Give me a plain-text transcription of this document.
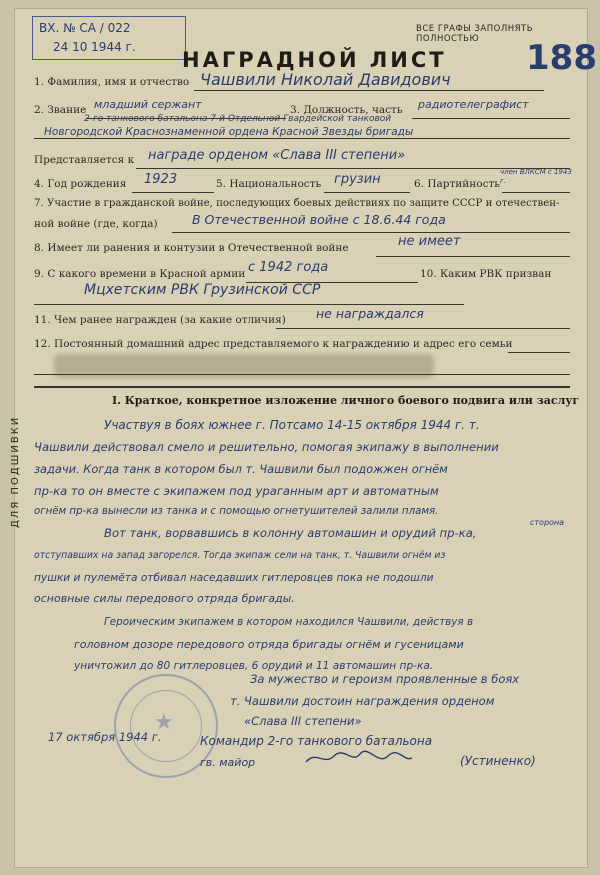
ВХ. № СА / 022
24 10 1944 г.
ВСЕ ГРАФЫ ЗАПОЛНЯТЬ ПОЛНОСТЬЮ	188
НАГРАДНОЙ ЛИСТ
ДЛЯ ПОДШИВКИ
1. Фамилия, имя и отчество Чашвили Николай Давидович
2. Звание младший сержант	3. Должность, часть радиотелеграфист
2-го танкового батальона 7-й Отдельной Гвардейской танковой
Новгородской Краснознаменной ордена Красной Звезды бригады
Представляется к награде орденом «Слава III степени»
4. Год рождения 1923	5. Национальность грузин	6. Партийность
член ВЛКСМ с 1943 г.
7. Участие в гражданской войне, последующих боевых действиях по защите СССР и отечествен-
ной войне (где, когда)	В Отечественной войне с 18.6.44 года
8. Имеет ли ранения и контузии в Отечественной войне	не имеет
9. С какого времени в Красной армии с 1942 года	10. Каким РВК призван
Мцхетским РВК Грузинской ССР
11. Чем ранее награжден (за какие отличия) не награждался
12. Постоянный домашний адрес представляемого к награждению и адрес его семьи
I. Краткое, конкретное изложение личного боевого подвига или заслуг
Участвуя в боях южнее г. Потсамо 14-15 октября 1944 г. т.
Чашвили действовал смело и решительно, помогая экипажу в выполнении
задачи. Когда танк в котором был т. Чашвили был подожжен огнём
пр-ка то он вместе с экипажем под ураганным арт и автоматным
огнём пр-ка вынесли из танка и с помощью огнетушителей залили пламя.
Вот танк, ворвавшись в колонну автомашин и орудий пр-ка,
сторона
отступавших на запад загорелся. Тогда экипаж сели на танк, т. Чашвили огнём из
пушки и пулемёта отбивал наседавших гитлеровцев пока не подошли
основные силы передового отряда бригады.
Героическим экипажем в котором находился Чашвили, действуя в
головном дозоре передового отряда бригады огнём и гусеницами
уничтожил до 80 гитлеровцев, 6 орудий и 11 автомашин пр-ка.
За мужество и героизм проявленные в боях
т. Чашвили достоин награждения орденом
«Слава III степени»
★
17 октября 1944 г.	Командир 2-го танкового батальона
гв. майор	(Устиненко)
